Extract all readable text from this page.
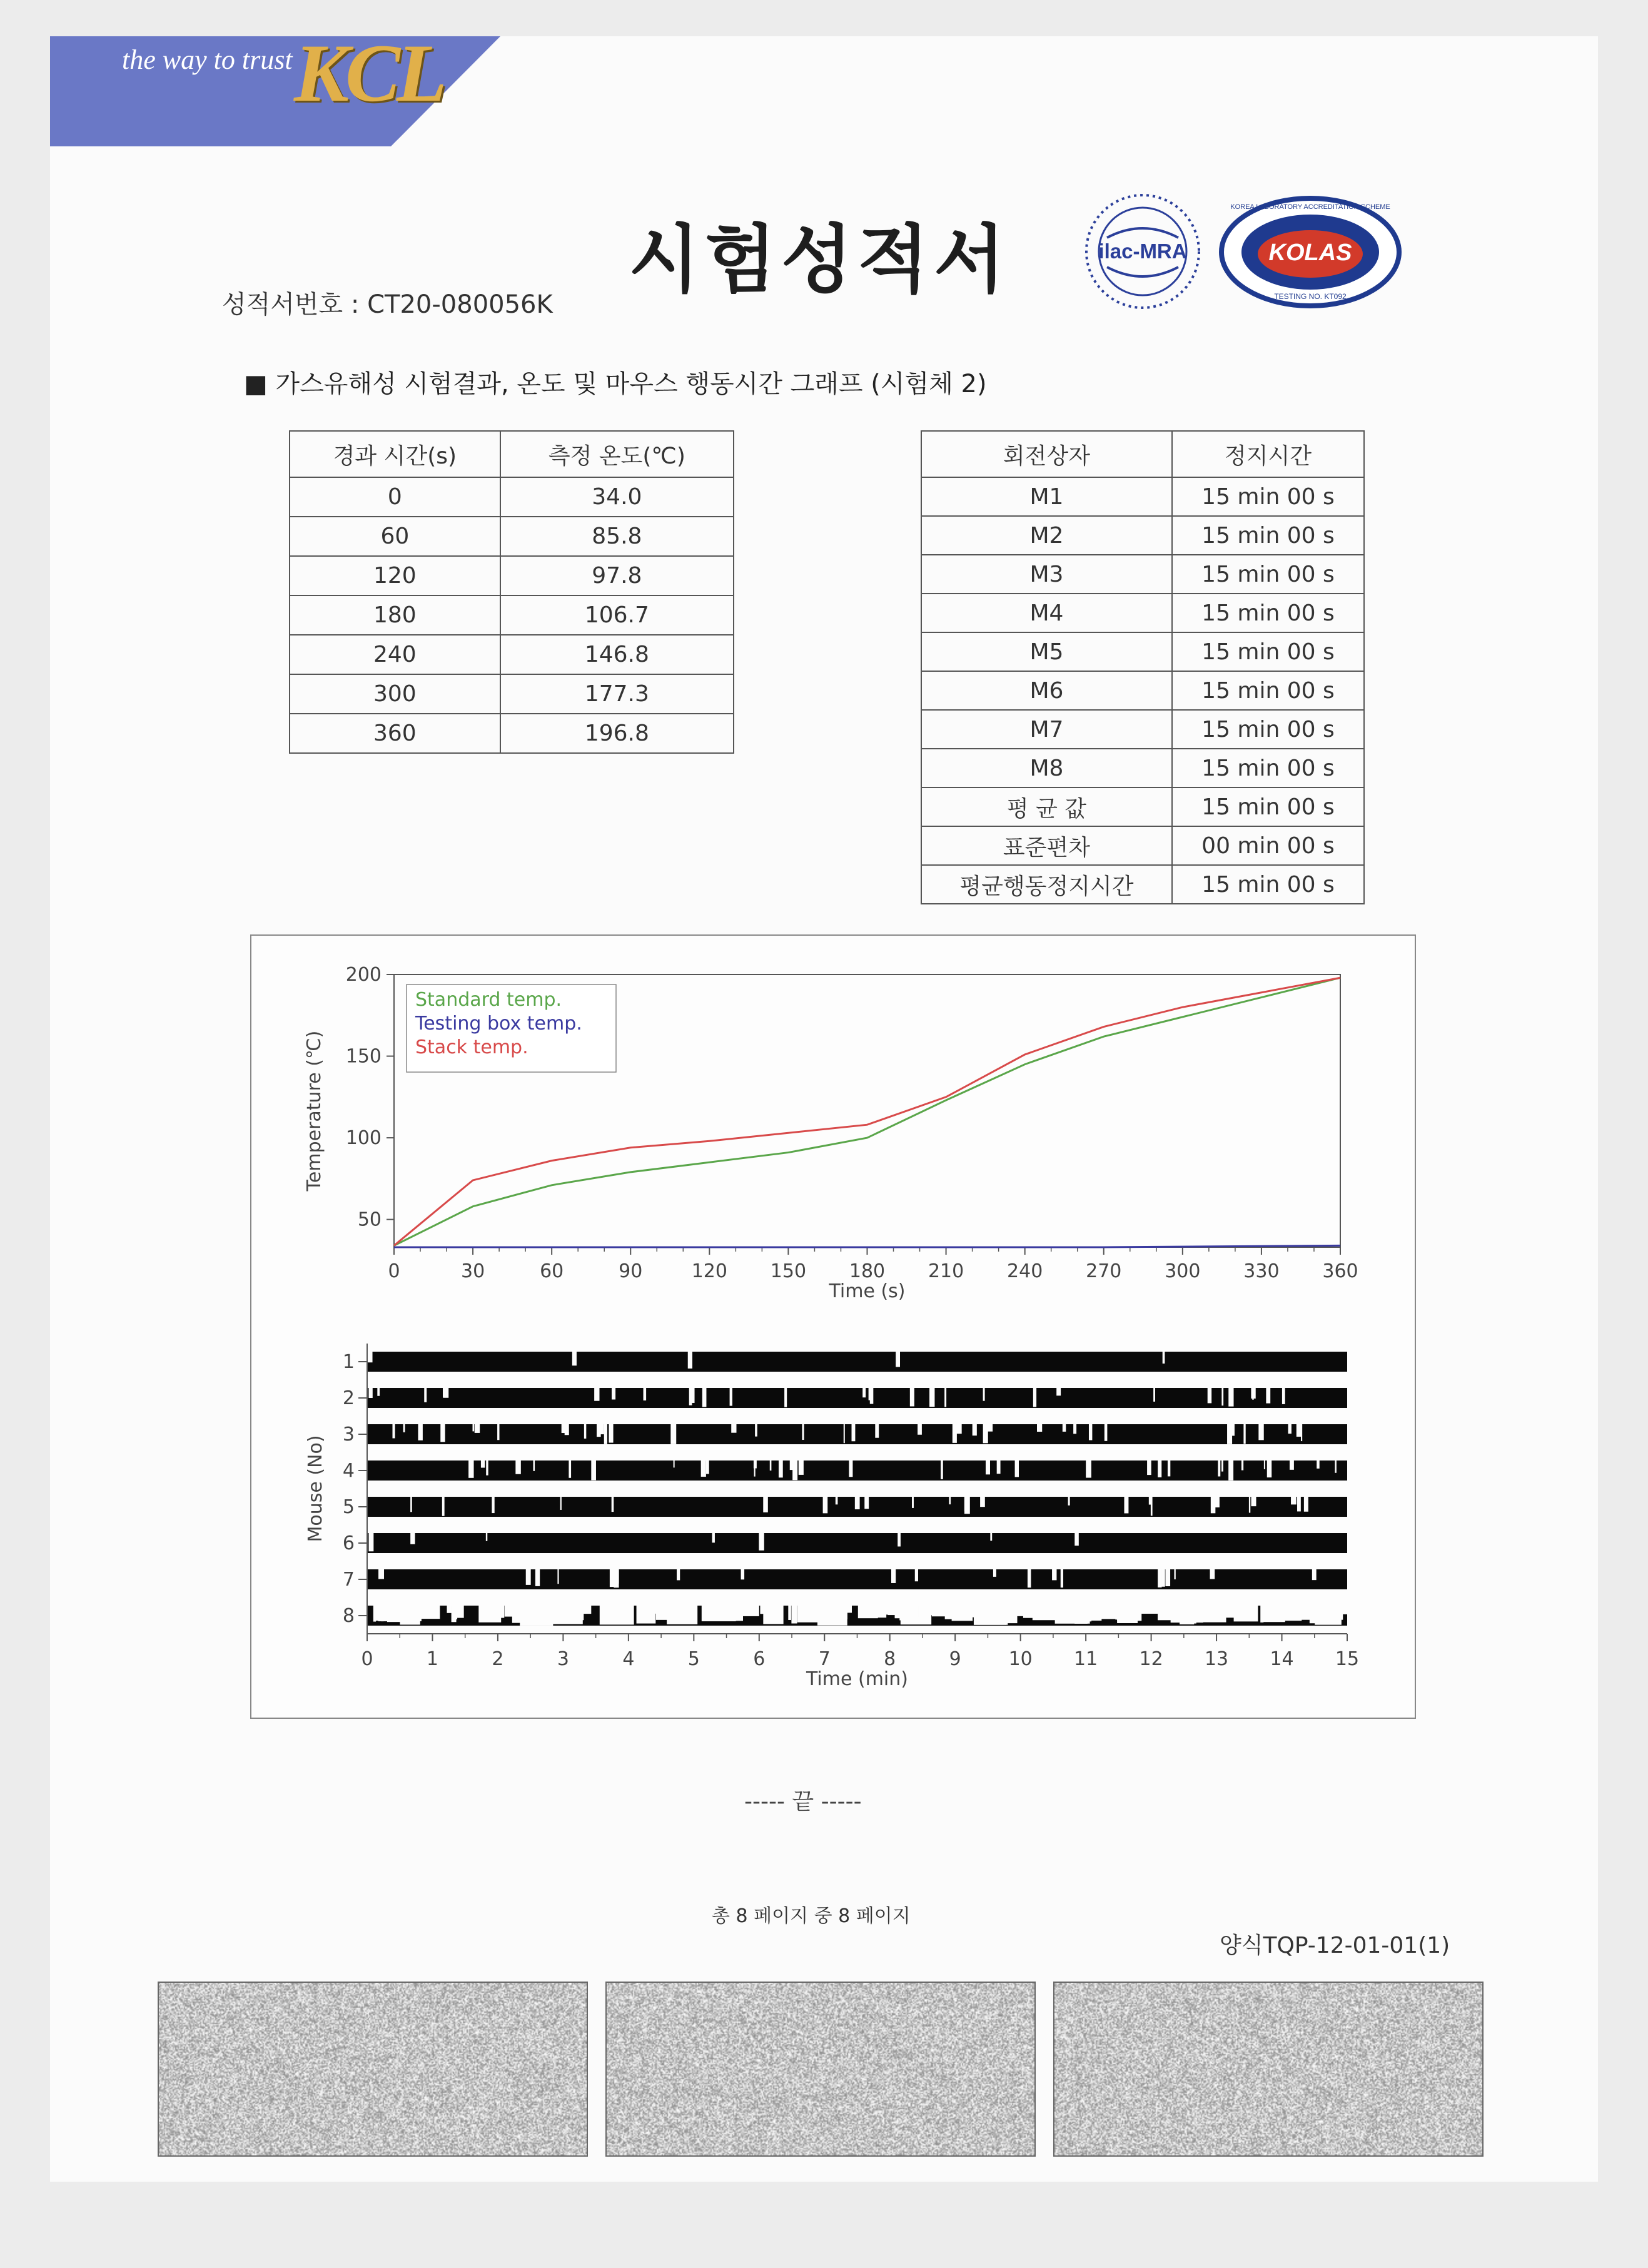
the way to trust KCL
시험성적서
성적서번호 : CT20-080056K
ilac-MRA	KOLAS
KOREA LABORATORY ACCREDITATION SCHEME
TESTING NO. KT092
■ 가스유해성 시험결과, 온도 및 마우스 행동시간 그래프 (시험체 2)
경과 시간(s)	측정 온도(℃)
0	34.0
60	85.8
120	97.8
180	106.7
240	146.8
300	177.3
360	196.8
회전상자	정지시간
M1	15 min 00 s
M2	15 min 00 s
M3	15 min 00 s
M4	15 min 00 s
M5	15 min 00 s
M6	15 min 00 s
M7	15 min 00 s
M8	15 min 00 s
평 균 값	15 min 00 s
표준편차	00 min 00 s
평균행동정지시간	15 min 00 s
0	30	60	90	120 150 180 210 240 270 300 330 360
50
100
150
200
Time (s)
Temperature (℃)
Standard temp.
Testing box temp.
Stack temp.
1
2
3
4
5
6
7
8
0	1	2	3	4	5	6	7	8	9	10 11 12 13 14 15
Time (min)
Mouse (No)
----- 끝 -----
총 8 페이지 중 8 페이지
양식TQP-12-01-01(1)
